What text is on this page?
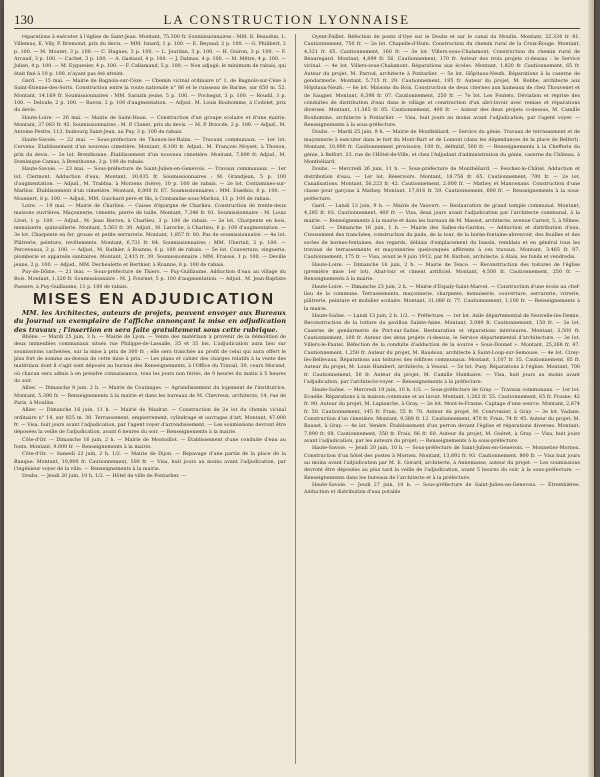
130	LA CONSTRUCTION LYONNAISE

réparations à exécuter à l'église de Saint-Jean. Montant, 75.300 fr. Soumissionnaires : MM. D. Beaudun, L. Villemus, E. Vily, P. Bremond, prix du devis. — MM. Isnard, 1 p. 100. — E. Reyaud, 2 p. 100. — G. Philibert, 2 p. 100. — M. Moutet, 3 p. 100. — C. Hugues, 3 p. 100. — L. Jourdan, 3 p. 100. — H. Guiron, 3 p. 100. — F. Arcaud, 3 p. 100. — Cachet, 3 p. 100. — A. Gastaud, 4 p. 100. — J. Dalmas, 4 p. 100. — M. Mêtre, 4 p. 100. — Julien, 4 p. 100. — M. Eyguesier, 4 p. 100. — F. Callamand, 5 p. 100. — Non adjugé, le minimum de rabais, qui était fixé à 10 p. 100, n'ayant pas été atteint.

Gard. — 15 mai. — Mairie de Bagnols-sur-Cèze. — Chemin vicinal ordinaire n° 1, de Bagnols-sur-Cèze à Saint-Étienne-des-Sorts. Construction entre la route nationale n° 86 et le ruisseau de Barine, sur 650 m. 52. Montant, 14,169 fr. Soumissionnaires : MM. Sarazin jeune, 5 p. 100. — Pochegut, 3 p. 100. — Roudil, 3 p. 100. — Deloule, 2 p. 100. — Ravon, 2 p. 100 d'augmentation. — Adjud., M. Louis Bouhomme, à Codolet, prix du devis.

Haute-Loire. — 26 mai. — Mairie de Saint-Haon. — Construction d'un groupe scolaire et d'une mairie. Montant, 37.083 fr. 45. Soumissionnaires : M. P. Clanet, prix du devis. — M. P. Briocde, 2 p. 100. — Adjud., M. Antoine Pestre, 113, faubourg Saint-Jean, au Puy, 3 p. 100 de rabais.

Haute-Savoie. — 22 mai. — Sous-préfecture de Thonon-les-Bains. — Travaux communaux. — 1er lot. Cervens. Établissement d'un nouveau cimetière. Montant, 6.100 fr. Adjud., M. François Moyset, à Thonon, prix du devis. — 2e lot. Brenthonne. Établissement d'un nouveau cimetière. Montant, 7,000 fr. Adjud., M. Dominique Camus, à Brenthonne, 3 p. 100 de rabais.

Haute-Savoie. — 23 mai. — Sous-préfecture de Saint-Julien-en-Genevois. — Travaux communaux. — 1er lot. Clermont. Adduction d'eau. Montant, 30,035 fr. Soumissionnaires : M. Grandjean, 5 p. 100 d'augmentation. — Adjud., M. Trabbia, à Morzens (Isère), 10 p. 100 de rabais. — 2e lot. Contamines-sur-Marlioz. Établissement d'un cimetière. Montant, 6,000 fr. 67. Soumissionnaires : MM. Eusébio, 6 p. 100. — Mouniert, 8 p. 100. — Adjud., MM. Guichard père et fils, à Contamine-sous-Marlioz, 11 p. 100 de rabais.

Loire. — 19 mai. — Mairie de Charlieu. — Caisse d'épargne de Charlieu. Construction de trente-deux maisons ouvrières. Maçonnerie, ciments, pierre de taille. Montant, 7,346 fr. 01. Soumissionnaire : M. Louis Livet, 1 p. 100. — Adjud., M. Jean Barron, à Charlieu, 3 p. 100 de rabais. — 2e lot. Charpente en bois, menuiserie, quincaillerie. Montant, 5.563 fr. 30. Adjud., M. Laroche, à Charlieu, 6 p. 100 d'augmentation. — 3e lot. Charpente en fer, grosse et petite serrurerie. Montant, 1,857 fr. 80. Pas de soumissionnaire. — 4e lot. Plâtrerie, peinture, revêtements. Montant, 6,731 fr. 84. Soumissionnaires : MM. Ubertali, 2 p. 100. — Perceveaux, 2 p. 100. — Adjud., M. Rathier, à Roanne, 6 p. 100 de rabais. — 5e lot. Couverture, zinguerie, plomberie et appareils sanitaires. Montant, 2,415 fr. 39. Soumissionnaire : MM. Fraissé, 1 p. 100. — Deville jeune, 2 p. 100. — Adjud., MM. Decheulette et Berthier, à Roanne, 8 p. 100 de rabais.

Puy-de-Dôme. — 21 mai. — Sous-préfecture de Thiers. — Puy-Guillaume. Adduction d'eau au village du Bois. Montant, 1.320 fr. Soumissionnaire : M. J. Fournet, 5 p. 100 d'augmentation. — Adjud., M. Jean-Baptiste Passere, à Puy-Guillaume, 11 p. 100 de rabais.

MISES EN ADJUDICATION

MM. les Architectes, auteurs de projets, peuvent envoyer aux Bureaux du Journal un exemplaire de l'affiche annonçant la mise en adjudication des travaux ; l'insertion en sera faite gratuitement sous cette rubrique.

Rhône. — Mardi 25 juin, 3 h. — Mairie de Lyon. — Vente des matériaux à provenir de la démolition de deux immeubles communaux situés rue Philippe-de-Lassalle, 35 et 35 bis. L'adjudication aura lieu sur soumissions cachetées, sur la mise à prix de 300 fr. ; elle sera tranchée au profit de celui qui aura offert le plus fort de somme au-dessus de cette mise à prix. — Les plans et cahier des charges relatifs à la vente des matériaux dont il s'agit sont déposés au bureau des Renseignements, à l'Office du Travail, 30, cours Morand, où chacun sera admis à en prendre connaissance, tous les jours non fériés, de 9 heures du matin à 5 heures du soir.

Allier. — Dimanche 9 juin, 2 h. — Mairie de Coutanges. — Agrandissement du logement de l'institutrice. Montant, 5.390 fr. — Renseignements à la mairie et dans les bureaux de M. Chevreux, architecte, 14, rue de Paris, à Moulins.

Allier. — Dimanche 16 juin, 11 h. — Mairie de Mazirat. — Construction de 2e lot du chemin vicinal ordinaire n° 14, sur 825 m. 38. Terrassement, empierrement, cylindrage et ouvrages d'art. Montant, 47.000 fr. — Visa, huit jours avant l'adjudication, par l'agent voyer d'arrondissement. — Les soumissions devront être déposées la veille de l'adjudication, avant 6 heures du soir. — Renseignements à la mairie.

Côte-d'Or. — Dimanche 16 juin, 2 h. — Mairie de Montoillot. — Établissement d'une conduite d'eau au fonts. Montant, 9.000 fr. — Renseignements à la mairie.

Côte-d'Or. — Samedi 22 juin, 2 h. 1/2. — Mairie de Dijon. — Repavage d'une partie de la place de la Banque. Montant, 10,000 fr. Cautionnement, 500 fr. — Visa, huit jours au moins avant l'adjudication, par l'ingénieur voyer de la ville. — Renseignements à la mairie.

Doubs. — Jeudi 20 juin, 10 h. 1/2. — Hôtel de ville de Pontarlier. —

Oyent-Paillet. Réfection de ponts d'Oye sur le Doubs et sur le canal du Moulin. Montant, 22.334 fr. 81. Cautionnement, 750 fr. — 2e lot. Chapelle-d'Huin. Construction du chemin rural de la Croix-Rouge. Montant, 4,321 fr. 65. Cautionnement, 160 fr. — 3e lot. Villers-sous-Chalamont. Construction du chemin rural de Beauregard. Montant, 4,899 fr. 56. Cautionnement, 170 fr. Auteur des trois projets ci-dessus : le Service vicinal. — 4e lot. Villers-sous-Chalamont. Réparations aux écoles. Montant, 1,820 fr. Cautionnement, 65 fr. Auteur du projet, M. Parrod, architecte à Pontarlier. — 5e lot. Hôpitaux-Neufs. Réparations à la caserne de gendarmerie. Montant, 5.715 fr. 29. Cautionnement, 195 fr. Auteur du projet, M. Robbe, architecte aux Hôpitaux-Neufs. — 6e lot. Maisons du Bois. Construction de deux citernes aux hameaux de chez Thouvenet et de Saugier. Montant, 6,398 fr. 07. Cautionnement, 250 fr. — 7e lot. Les Fontets. Déviation et reprise des conduites de distribution d'eau dans le village et construction d'un abri-lavoir avec remise et réparations diverses. Montant, 11.365 fr. 05. Cautionnement, 400 fr. — Auteur des deux projets ci-dessus, M. Camille Bouhomme, architecte à Pontarlier. — Visa, huit jours au moins avant l'adjudication, par l'agent voyer. — Renseignements à la sous-préfecture.

Doubs. — Mardi 25 juin, 9 h. — Mairie de Montbéliard. — Service du génie. Travaux de terrassement et de maçonnerie à exécuter dans le fort du Mont-Bart et de Lomont (dans les dépendances de la place de Belfort). Montant, 10,000 fr. Cautionnement provisoire, 100 fr., définitif, 500 fr. — Renseignements à la Chefferie du génie, à Belfort, 23, rue de l'Hôtel-de-Ville, et chez l'Adjudant d'administration du génie, caserne du Château, à Montbéliard.

Doubs. — Mercredi 26 juin, 11 h. — Sous-préfecture de Montbéliard. — Feschez-le-Châtel. Adduction et distribution d'eau. — 1er lot. Réservoirs. Montant, 18.756 fr. 65. Cautionnement, 700 fr. — 2e lot. Canalisations. Montant, 56.223 fr. 42. Cautionnement, 2.000 fr. — Mathey et Mancenans. Construction d'une classe pour garçons à Mathey. Montant, 17,816 fr. 59. Cautionnement, 600 fr. — Renseignements à la sous-préfecture.

Gard. — Lundi 13 juin, 9 h. — Mairie de Vauvert. — Restauration de grand temple communal. Montant, 4,285 fr. 03. Cautionnement, 400 fr. — Visa, deux jours avant l'adjudication par l'architecte communal, à la mairie. — Renseignements à la mairie et dans les bureaux de M. Massot, architecte, avenue Carnot, 5, à Nîmes.

Gard. — Dimanche 16 juin, 1 h. — Mairie des Salles-du-Gardon. — Adduction et distribution d'eau. Creusement des tranchées, construction du puits, de la tour, de la borne-fontaine-abreuvoir, des feuilles et des socles de bornes-fontaines, des regards, déblais d'emplacement du bassin, remblais et en général tous les travaux de terrassements et maçonneries quelconques afférents à ces travaux. Montant, 3.465 fr. 07. Cautionnement, 175 fr. — Visa, avant le 9 juin 1912, par M. Barbon, architecte, à Alais, les fonds et vendredis.

Haute-Loire. — Dimanche 16 juin, 2 h. — Mairie de Tence. — Reconstruction des toitures de l'église (première mise 1er lot). Abat-toir et ciment artificiel. Montant, 4,500 fr. Cautionnement, 250 fr. — Renseignements à la mairie.

Haute-Loire. — Dimanche 23 juin, 2 h. — Mairie d'Espaly-Saint-Marcel. — Construction d'une école au chef-lieu de la commune. Terrassements, maçonnerie, charpente, menuiserie, couverture, serrurerie, vitrerie, plâtrerie, peinture et mobilier scolaire. Montant, 31,086 fr. 77. Cautionnement, 1,100 fr. — Renseignements à la mairie.

Haute-Saône. — Lundi 13 juin, 2 h. 1/2. — Préfecture. — 1er lot. Asile départemental de Neuvelle-lès-Demie. Reconstruction de la toiture du pavillon Sainte-Anne. Montant, 3,089 fr. Cautionnement, 150 fr. — 2e lot. Caserne de gendarmerie de Port-sur-Saône. Restauration et réparations intérieures. Montant, 3,500 fr. Cautionnement, 100 fr. Auteur des deux projets ci-dessus, le Service départemental d'architecture. — 3e lot. Villers-le-Pautel. Réfection de la conduite d'adduction de la source « Sous-Donnet ». Montant, 25,268 fr. 47. Cautionnement, 1,250 fr. Auteur du projet, M. Baudoux, architecte à Saint-Loup-sur-Semouse. — 4e lot. Cirey-lès-Bellevaux. Réparations aux toitures des édifices communaux. Montant, 1,107 fr. 35. Cautionnement, 85 fr. Auteur du projet, M. Louis Humbert, architecte, à Vesoul. — 5e lot. Pusy. Réparations à l'église. Montant, 700 fr. Cautionnement, 50 fr. Auteur du projet, M. Camille Humbaire. — Visa, huit jours au moins avant l'adjudication, par l'architecte-voyer. — Renseignements à la préfecture.

Haute-Saône. — Mercredi 19 juin, 10 h. 1/2. — Sous-préfecture de Gray. — Travaux communaux. — 1er lot. Ecuelle. Réparations à la maison commune et au lavoir. Montant, 1,262 fr. 55. Cautionnement, 65 fr. Frasne, 42 fr. 90. Auteur du projet, M. Lapianche, à Gray. — 2e lot. Mont-le-Frasne. Captage d'une source. Montant, 2,874 fr. 50. Cautionnement, 145 fr. Frais, 55 fr. 70. Auteur du projet, M. Courvoisier, à Gray. — 3e lot. Vadans. Construction d'un cimetière. Montant, 9,368 fr. 12. Cautionnement, 470 fr. Frais, 74 fr. 45. Auteur du projet, M. Bauset, à Gray. — 4e lot. Venère. Établissement d'un perron devant l'église et réparations diverses. Montant, 7,090 fr. 08. Cautionnement, 350 fr. Frais, 66 fr. 60. Auteur du projet, M. Guéret, à Gray. — Visa, huit jours avant l'adjudication, par les auteurs du projet. — Renseignements à la sous-préfecture.

Haute-Savoie. — Jeudi 20 juin, 10 h. — Sous-préfecture de Saint-Julien-en-Genevois. — Monnetier-Mornex. Construction d'un hôtel des postes à Mornex. Montant, 13,892 fr. 93. Cautionnement, 800 fr. — Visa huit jours au moins avant l'adjudication par M. E. Gorard, architecte, à Annemasse, auteur du projet. — Les soumissions devront être déposées au plus tard la veille de l'adjudication, avant 5 heures du soir, à la sous-préfecture. — Renseignements dans les bureaux de l'architecte et à la préfecture.

Haute-Savoie. — Jeudi 27 juin, 10 h. — Sous-préfecture de Saint-Julien-en-Genevois. — Étrembières. Adduction et distribution d'eau potable
